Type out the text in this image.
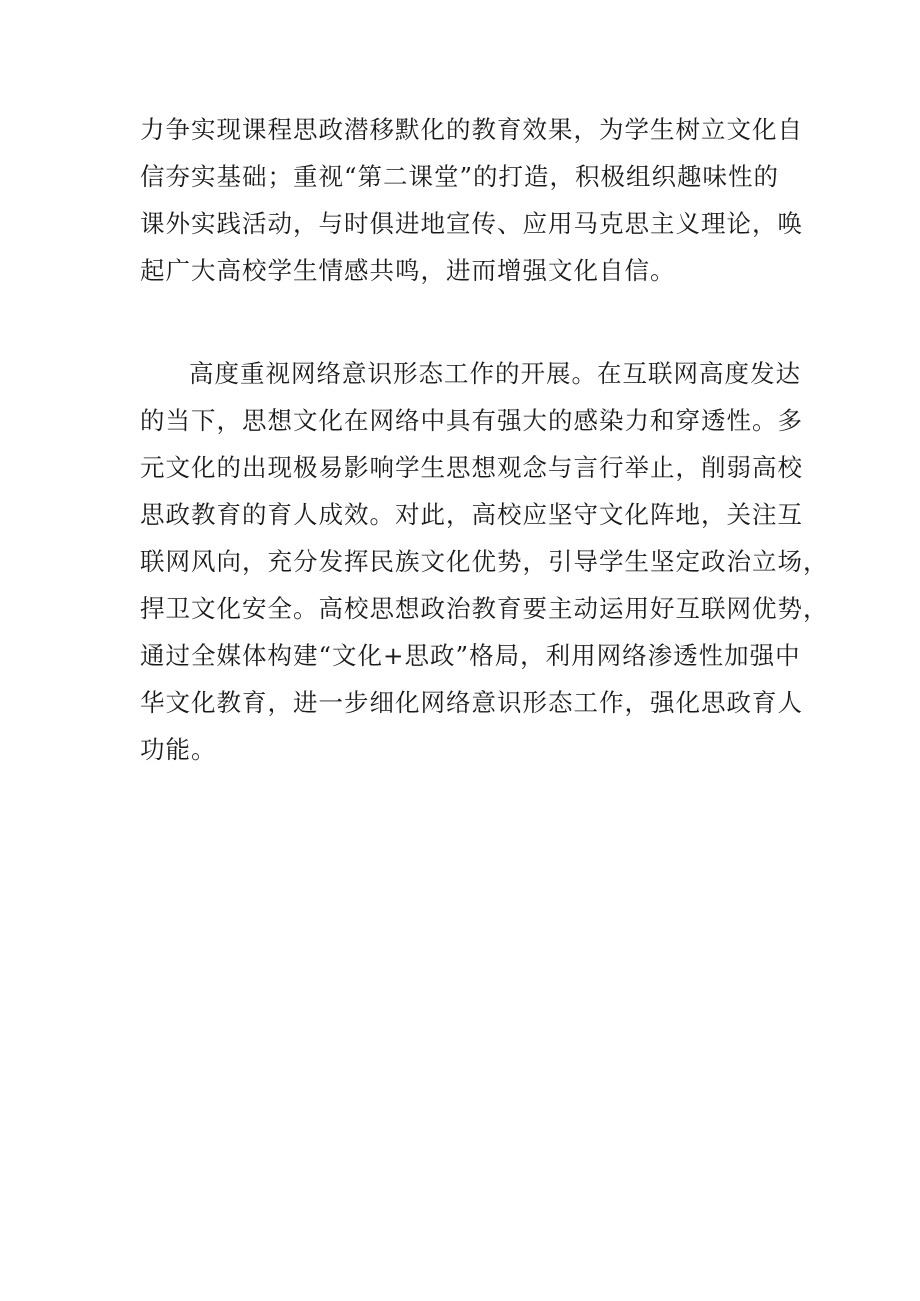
力争实现课程思政潜移默化的教育效果，为学生树立文化自
信夯实基础；重视“第二课堂”的打造，积极组织趣味性的
课外实践活动，与时俱进地宣传、应用马克思主义理论，唤
起广大高校学生情感共鸣，进而增强文化自信。
高度重视网络意识形态工作的开展。在互联网高度发达
的当下，思想文化在网络中具有强大的感染力和穿透性。多
元文化的出现极易影响学生思想观念与言行举止，削弱高校
思政教育的育人成效。对此，高校应坚守文化阵地，关注互
联网风向，充分发挥民族文化优势，引导学生坚定政治立场，
捍卫文化安全。高校思想政治教育要主动运用好互联网优势，
通过全媒体构建“文化+思政”格局，利用网络渗透性加强中
华文化教育，进一步细化网络意识形态工作，强化思政育人
功能。
